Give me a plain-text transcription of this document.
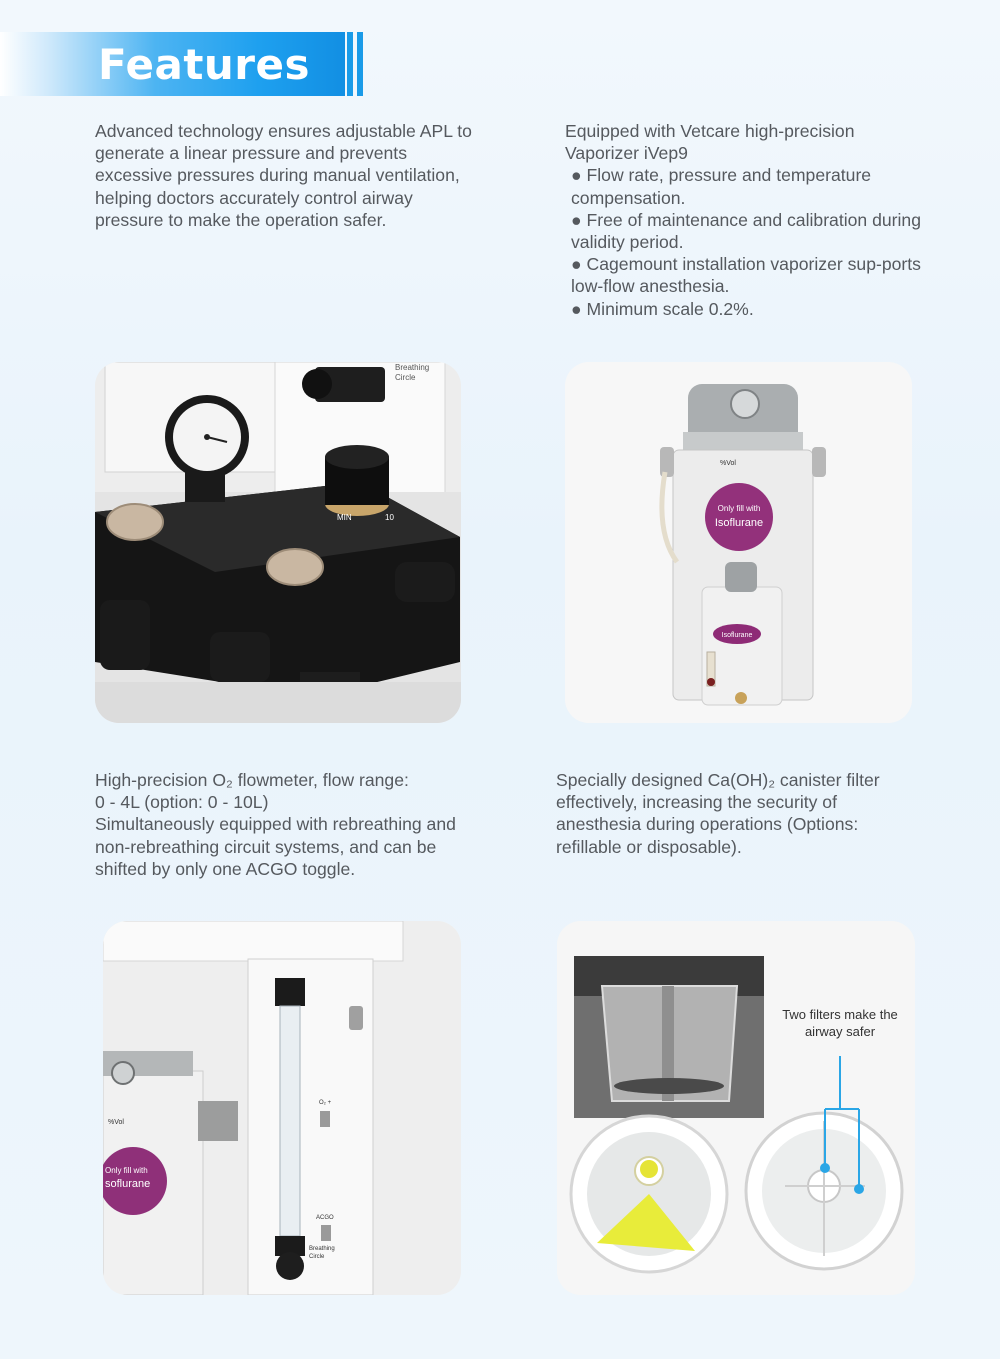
Features

Advanced technology ensures adjustable APL to generate a linear pressure and prevents excessive pressures during manual ventilation, helping doctors accurately control airway pressure to make the operation safer.

Equipped with Vetcare high-precision Vaporizer iVep9

● Flow rate, pressure and temperature compensation.

● Free of maintenance and calibration during validity period.

● Cagemount installation vaporizer sup-ports low-flow anesthesia.

● Minimum scale 0.2%.

Breathing
Circle
MIN	10
%Vol
Only fill with
Isoflurane
Isoflurane

High-precision O₂ flowmeter, flow range:

0 - 4L (option: 0 - 10L)

Simultaneously equipped with rebreathing and non-rebreathing circuit systems, and can be shifted by only one ACGO toggle.

Specially designed Ca(OH)₂ canister filter effectively, increasing the security of anesthesia during operations (Options: refillable or disposable).

%Vol
Only fill with
soflurane
O₂ +
ACGO
Breathing
Circle
Two filters make the airway safer
